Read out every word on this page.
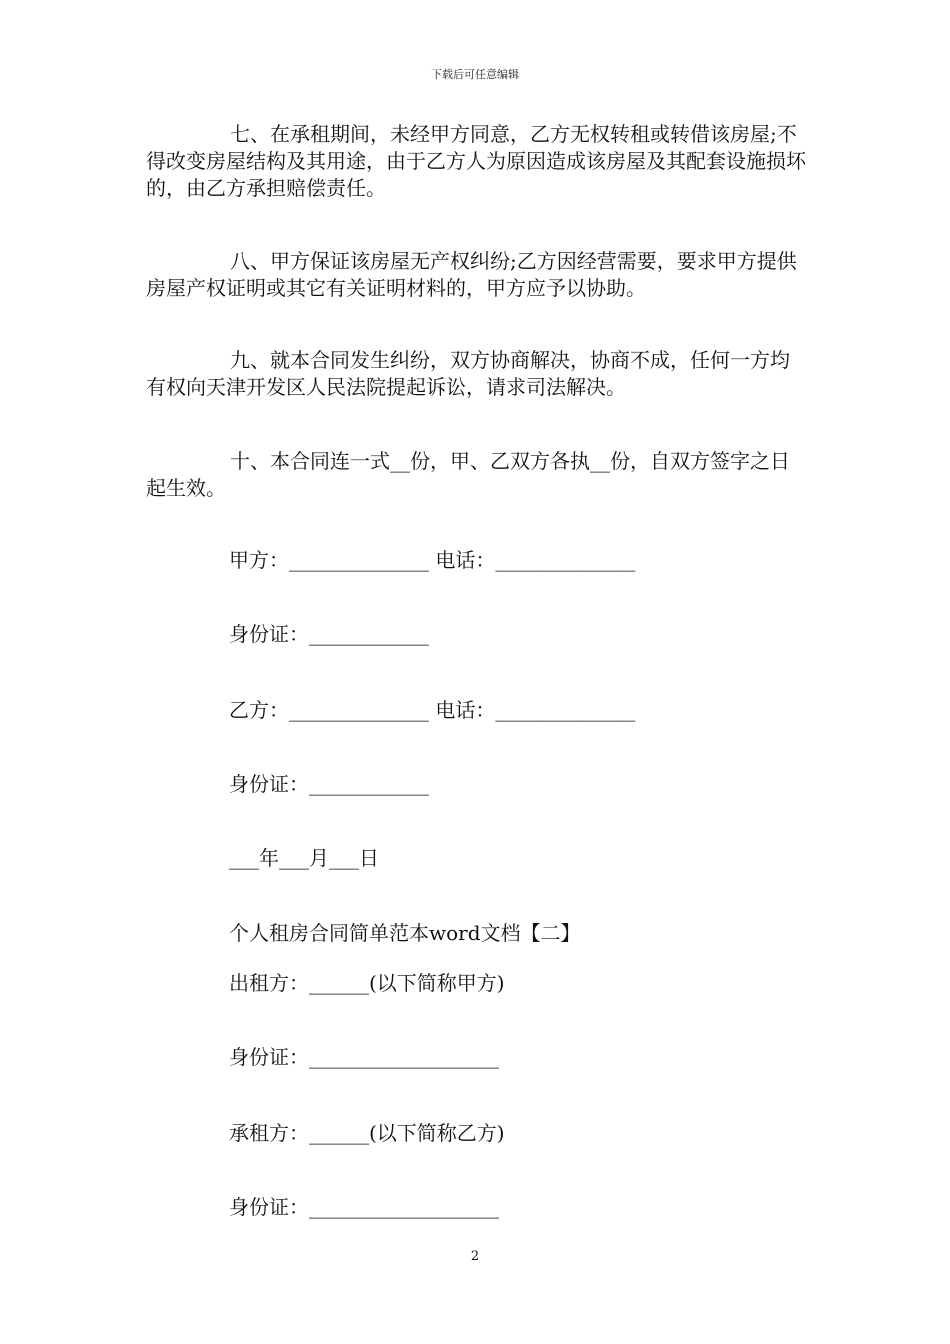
下载后可任意编辑

七、在承租期间，未经甲方同意，乙方无权转租或转借该房屋;不得改变房屋结构及其用途，由于乙方人为原因造成该房屋及其配套设施损坏的，由乙方承担赔偿责任。

八、甲方保证该房屋无产权纠纷;乙方因经营需要，要求甲方提供房屋产权证明或其它有关证明材料的，甲方应予以协助。

九、就本合同发生纠纷，双方协商解决，协商不成，任何一方均有权向天津开发区人民法院提起诉讼，请求司法解决。

十、本合同连一式__份，甲、乙双方各执__份，自双方签字之日起生效。

甲方：______________ 电话：______________
身份证：____________
乙方：______________ 电话：______________
身份证：____________
___年___月___日
个人租房合同简单范本word文档【二】
出租方：______(以下简称甲方)
身份证：___________________
承租方：______(以下简称乙方)
身份证：___________________
2
